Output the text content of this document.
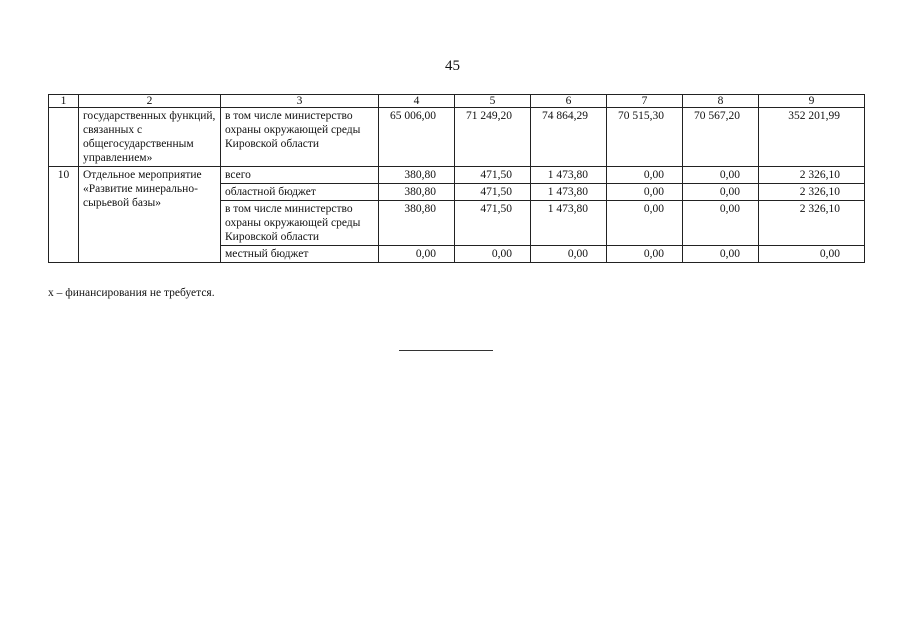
45
1	2	3	4	5	6	7	8	9
	государственных функций, связанных с общегосударственным управлением»	в том числе министерство охраны окружающей среды Кировской области	65 006,00	71 249,20	74 864,29	70 515,30	70 567,20	352 201,99
10	Отдельное мероприятие «Развитие минерально-сырьевой базы»	всего	380,80	471,50	1 473,80	0,00	0,00	2 326,10
		областной бюджет	380,80	471,50	1 473,80	0,00	0,00	2 326,10
		в том числе министерство охраны окружающей среды Кировской области	380,80	471,50	1 473,80	0,00	0,00	2 326,10
		местный бюджет	0,00	0,00	0,00	0,00	0,00	0,00
х – финансирования не требуется.
